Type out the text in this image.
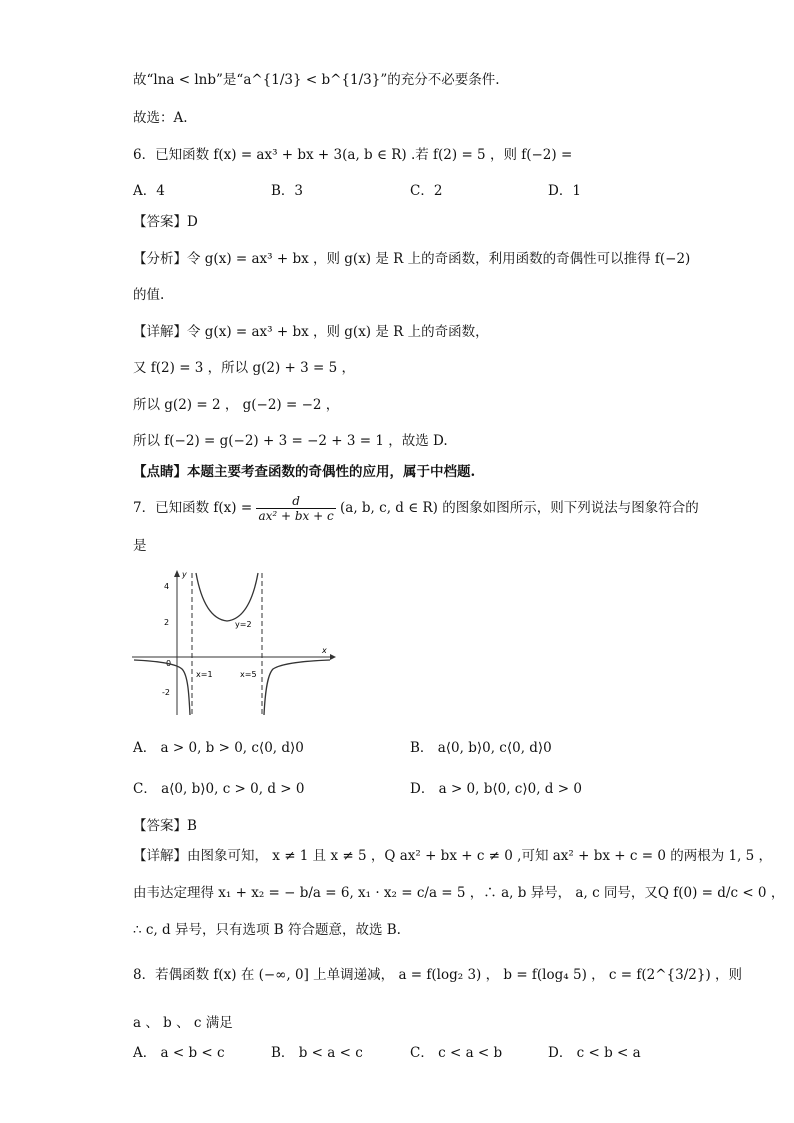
故“lna < lnb”是“a^{1/3} < b^{1/3}”的充分不必要条件.
故选：A.
6．已知函数 f(x) = ax³ + bx + 3(a, b ∈ R) .若 f(2) = 5 ，则 f(−2) =
A．4	B．3	C．2	D．1
【答案】D
【分析】令 g(x) = ax³ + bx ，则 g(x) 是 R 上的奇函数，利用函数的奇偶性可以推得 f(−2)
的值.
【详解】令 g(x) = ax³ + bx ，则 g(x) 是 R 上的奇函数，
又 f(2) = 3 ，所以 g(2) + 3 = 5 ，
所以 g(2) = 2 ， g(−2) = −2 ，
所以 f(−2) = g(−2) + 3 = −2 + 3 = 1 ，故选 D.
【点睛】本题主要考查函数的奇偶性的应用，属于中档题.
7．已知函数 $f(x) = \frac{d}{\text{ax² + bx + c}} (a$, b, c, d ∈ R) 的图象如图所示，则下列说法与图象符合的
是
x
y
0
4
2
-2
x=1	x=5
y=2
A． a > 0, b > 0, c⟨0, d⟩0	B． a⟨0, b⟩0, c⟨0, d⟩0
C． a⟨0, b⟩0, c > 0, d > 0	D． a > 0, b⟨0, c⟩0, d > 0
【答案】B
【详解】由图象可知， x ≠ 1 且 x ≠ 5 ，Q ax² + bx + c ≠ 0 ,可知 ax² + bx + c = 0 的两根为 1, 5 ，
由韦达定理得 x₁ + x₂ = − b/a = 6, x₁ · x₂ = c/a = 5 ，∴ a, b 异号， a, c 同号，又Q f(0) = d/c < 0 ，
∴ c, d 异号，只有选项 B 符合题意，故选 B.
8．若偶函数 f(x) 在 (−∞, 0] 上单调递减， a = f(log₂ 3) ， b = f(log₄ 5) ， c = f(2^{3/2}) ，则
a 、 b 、 c 满足
A． a < b < c	B． b < a < c	C． c < a < b	D． c < b < a
